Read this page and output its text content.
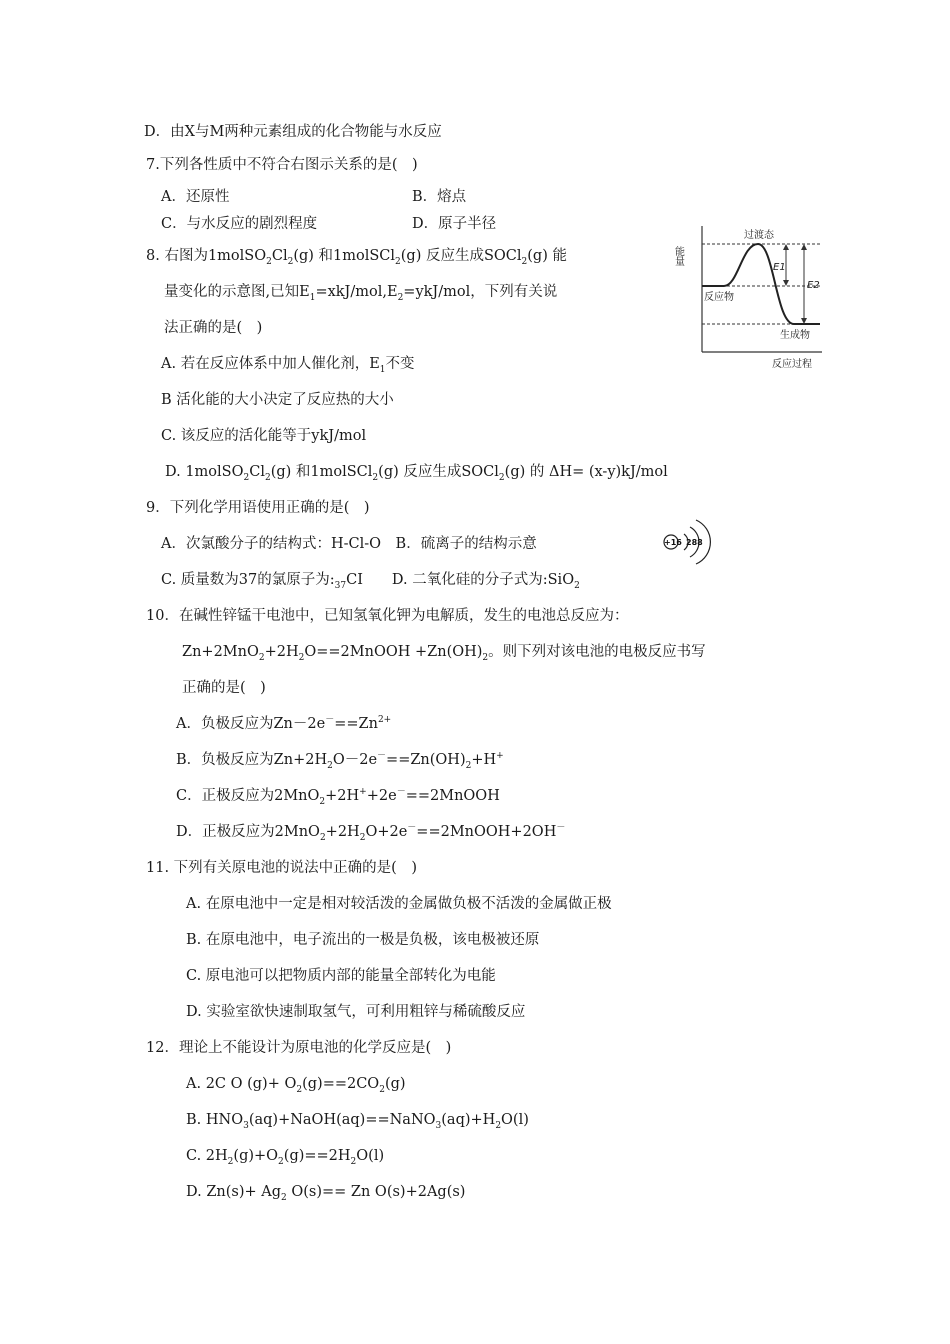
D．由X与M两种元素组成的化合物能与水反应
7.下列各性质中不符合右图示关系的是(　)
A．还原性	B．熔点
C．与水反应的剧烈程度	D．原子半径
8. 右图为$1molSO_2Cl_2(g)$ 和1molSCl$_2$(g) 反应生成SOCl$_2$(g) 能
量变化的示意图,已知$E_1=xkJ/mol,E_2=ykJ$/mol，下列有关说
法正确的是(　)
A. 若在反应体系中加人催化剂，$E_1$不变
B 活化能的大小决定了反应热的大小
C. 该反应的活化能等于ykJ/mol
D. $1molSO_2Cl_2(g)$ 和1molSCl$_2$(g) 反应生成SOCl$_2$(g) 的 ΔH= (x-y)kJ/mol
9．下列化学用语使用正确的是(　)
A．次氯酸分子的结构式：H-Cl-O　B．硫离子的结构示意
C. 质量数为37的氯原子为$:_{37}CI$　　D. 二氧化硅的分子式为:SiO$_2$
10．在碱性锌锰干电池中，已知氢氧化钾为电解质，发生的电池总反应为：
$Zn+2MnO_2+2H_2O==2MnOOH +Zn(OH)_2$。则下列对该电池的电极反应书写
正确的是(　)
A．负极反应为$Zn-2e^-==Zn^{2+}$
B．负极反应为$Zn+2H_2O-2e^-==Zn(OH)_2+H^+$
C．正极反应为2MnO$_2$+2H++2e－==2MnOOH
D．正极反应为$2MnO_2+2H_2O+2e^-==2MnOOH+2OH^-$
11. 下列有关原电池的说法中正确的是(　)
A. 在原电池中一定是相对较活泼的金属做负极不活泼的金属做正极
B. 在原电池中，电子流出的一极是负极，该电极被还原
C. 原电池可以把物质内部的能量全部转化为电能
D. 实验室欲快速制取氢气，可利用粗锌与稀硫酸反应
12．理论上不能设计为原电池的化学反应是(　)
A. 2C O $(g)+ O_2(g)==2CO_2(g)$
B. $HNO_3(aq)+NaOH(aq)==NaNO_3(aq)+H_2O(l)$
C. $2H_2(g)+O_2(g)==2H_2O(l)$
D. $Zn(s)+ Ag_2$ O(s)== Zn O(s)+2Ag(s)
能量
过渡态
反应物
生成物
反应过程
E1
E2
+16 288
